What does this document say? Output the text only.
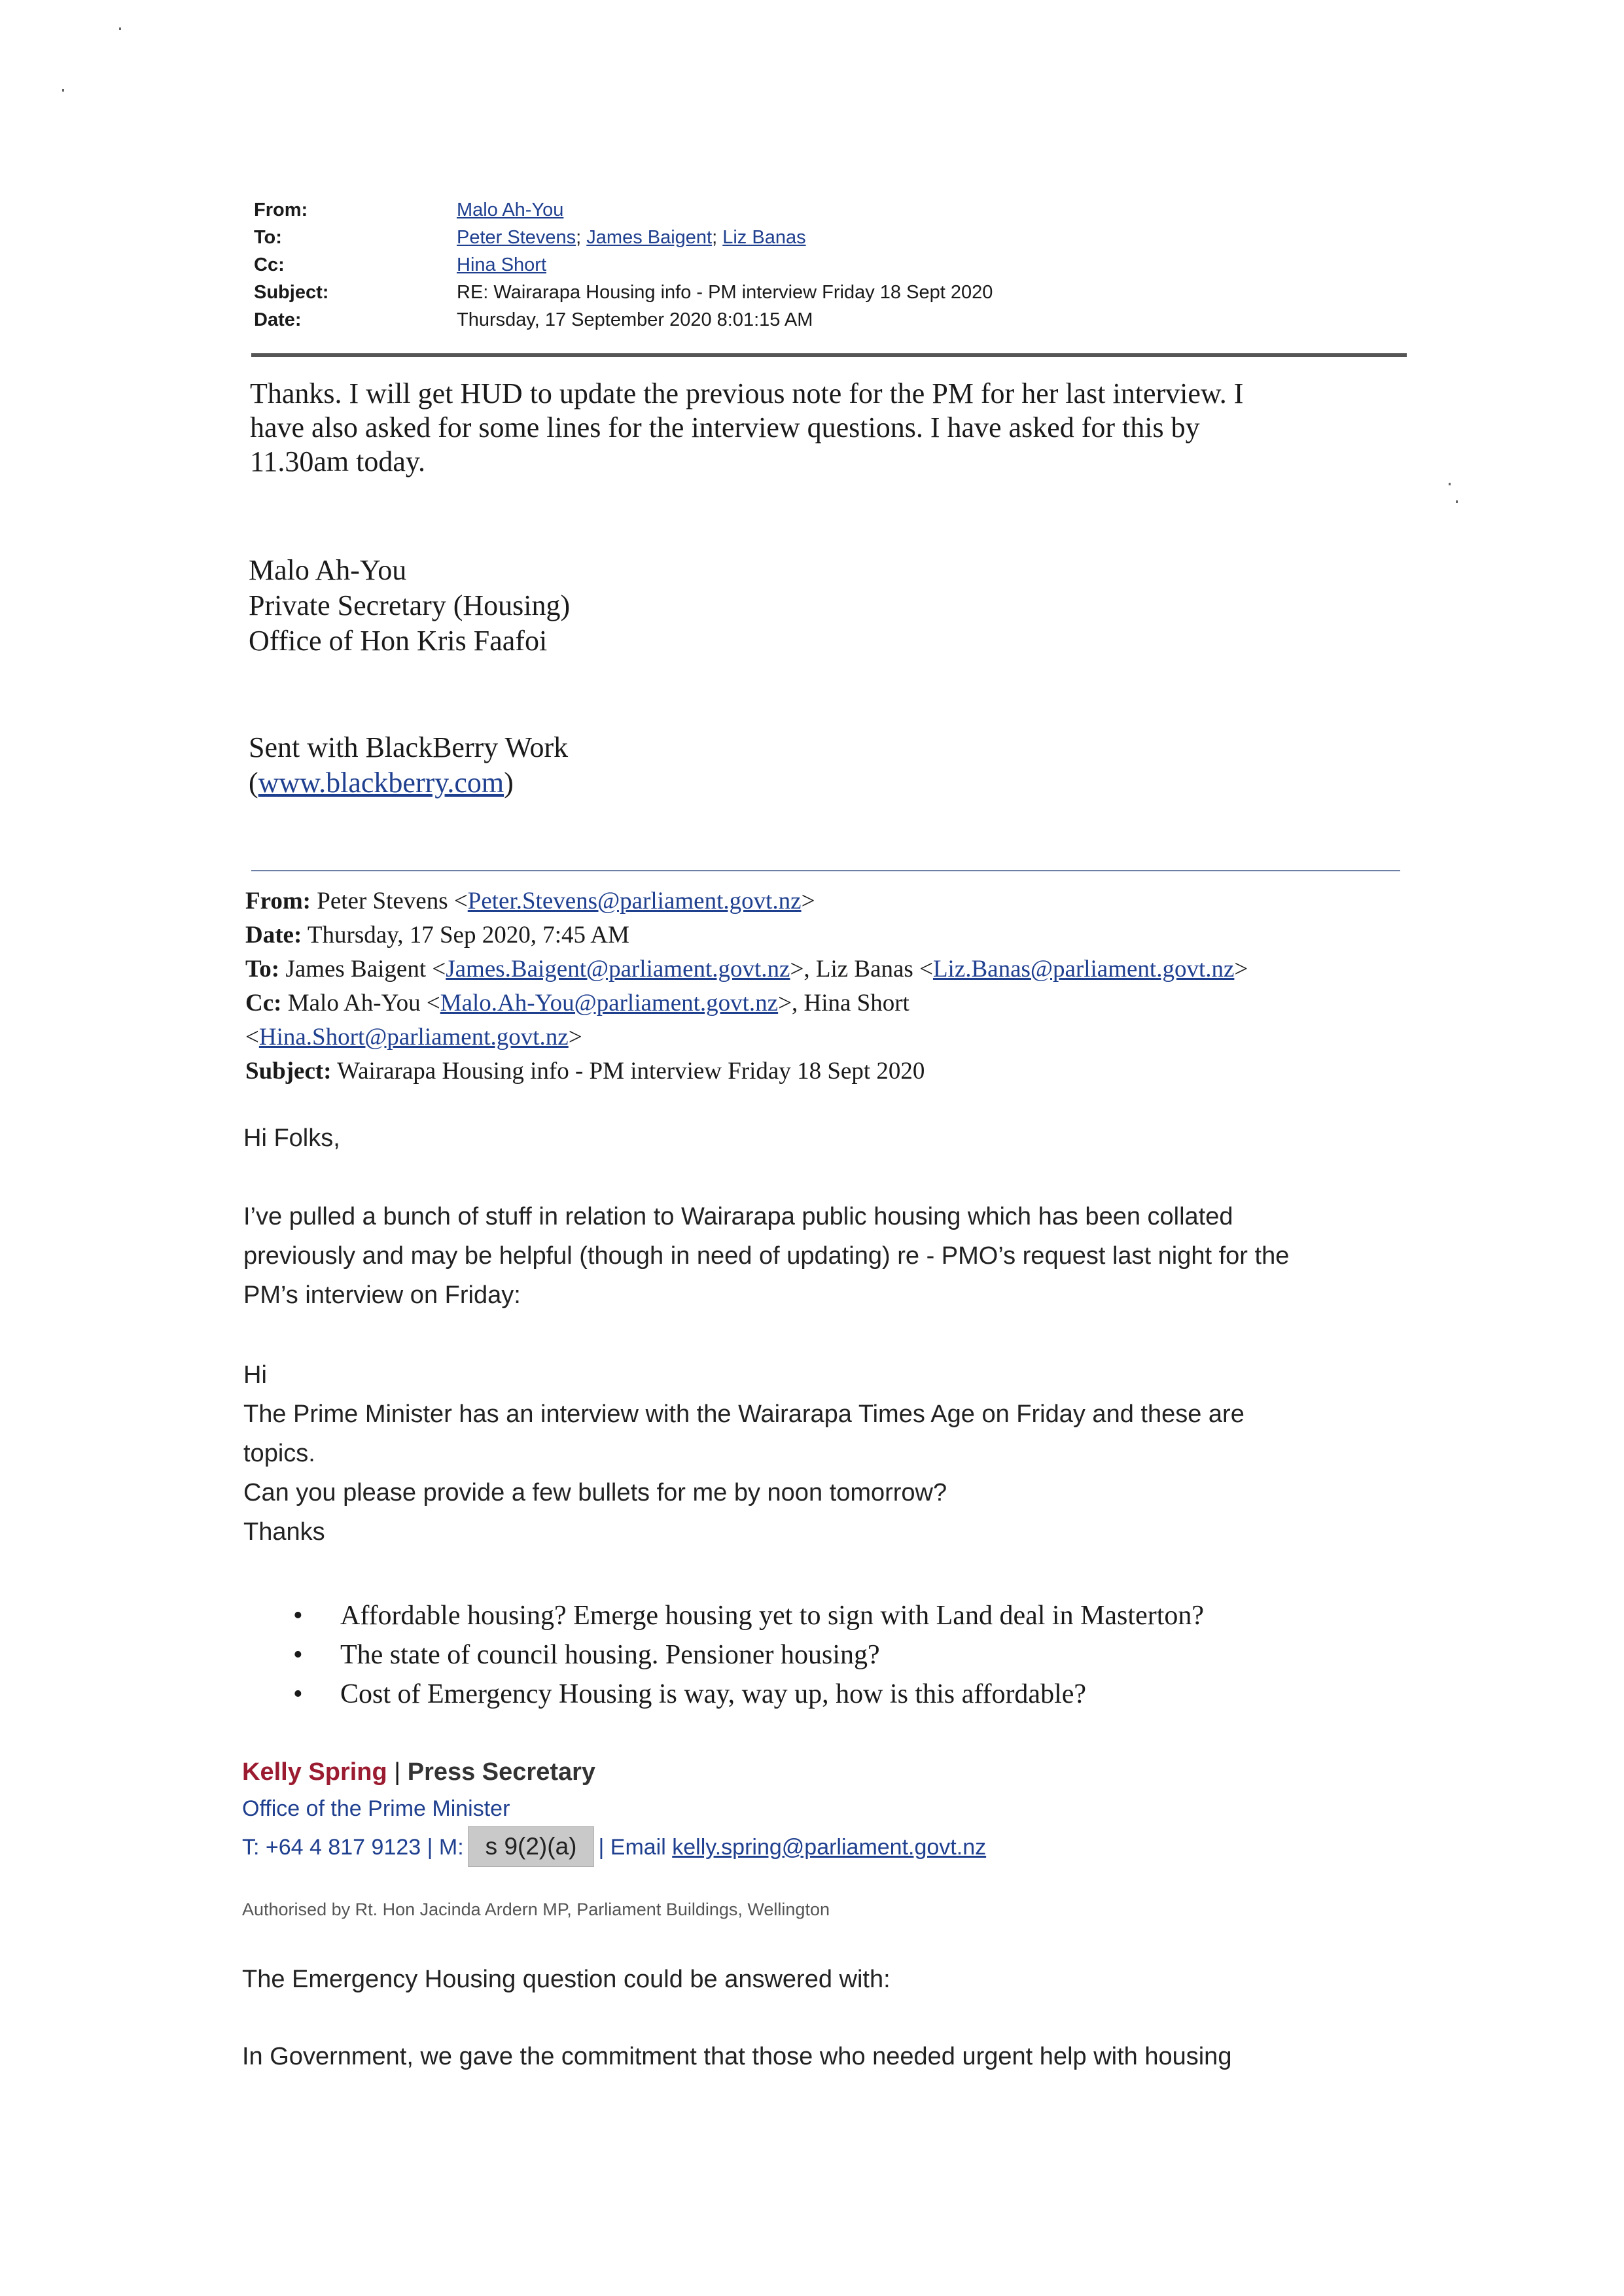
From:	Malo Ah-You
To:	Peter Stevens; James Baigent; Liz Banas
Cc:	Hina Short
Subject:	RE: Wairarapa Housing info - PM interview Friday 18 Sept 2020
Date:	Thursday, 17 September 2020 8:01:15 AM
Thanks. I will get HUD to update the previous note for the PM for her last interview. I
have also asked for some lines for the interview questions. I have asked for this by
11.30am today.
Malo Ah-You
Private Secretary (Housing)
Office of Hon Kris Faafoi
Sent with BlackBerry Work
(www.blackberry.com)
From: Peter Stevens <Peter.Stevens@parliament.govt.nz>
Date: Thursday, 17 Sep 2020, 7:45 AM
To: James Baigent <James.Baigent@parliament.govt.nz>, Liz Banas <Liz.Banas@parliament.govt.nz>
Cc: Malo Ah-You <Malo.Ah-You@parliament.govt.nz>, Hina Short
<Hina.Short@parliament.govt.nz>
Subject: Wairarapa Housing info - PM interview Friday 18 Sept 2020
Hi Folks,
I’ve pulled a bunch of stuff in relation to Wairarapa public housing which has been collated
previously and may be helpful (though in need of updating) re - PMO’s request last night for the
PM’s interview on Friday:
Hi
The Prime Minister has an interview with the Wairarapa Times Age on Friday and these are
topics.
Can you please provide a few bullets for me by noon tomorrow?
Thanks
• Affordable housing? Emerge housing yet to sign with Land deal in Masterton?
• The state of council housing. Pensioner housing?
• Cost of Emergency Housing is way, way up, how is this affordable?
Kelly Spring | Press Secretary
Office of the Prime Minister
T: +64 4 817 9123 | M: s 9(2)(a) | Email kelly.spring@parliament.govt.nz
Authorised by Rt. Hon Jacinda Ardern MP, Parliament Buildings, Wellington
The Emergency Housing question could be answered with:
In Government, we gave the commitment that those who needed urgent help with housing
